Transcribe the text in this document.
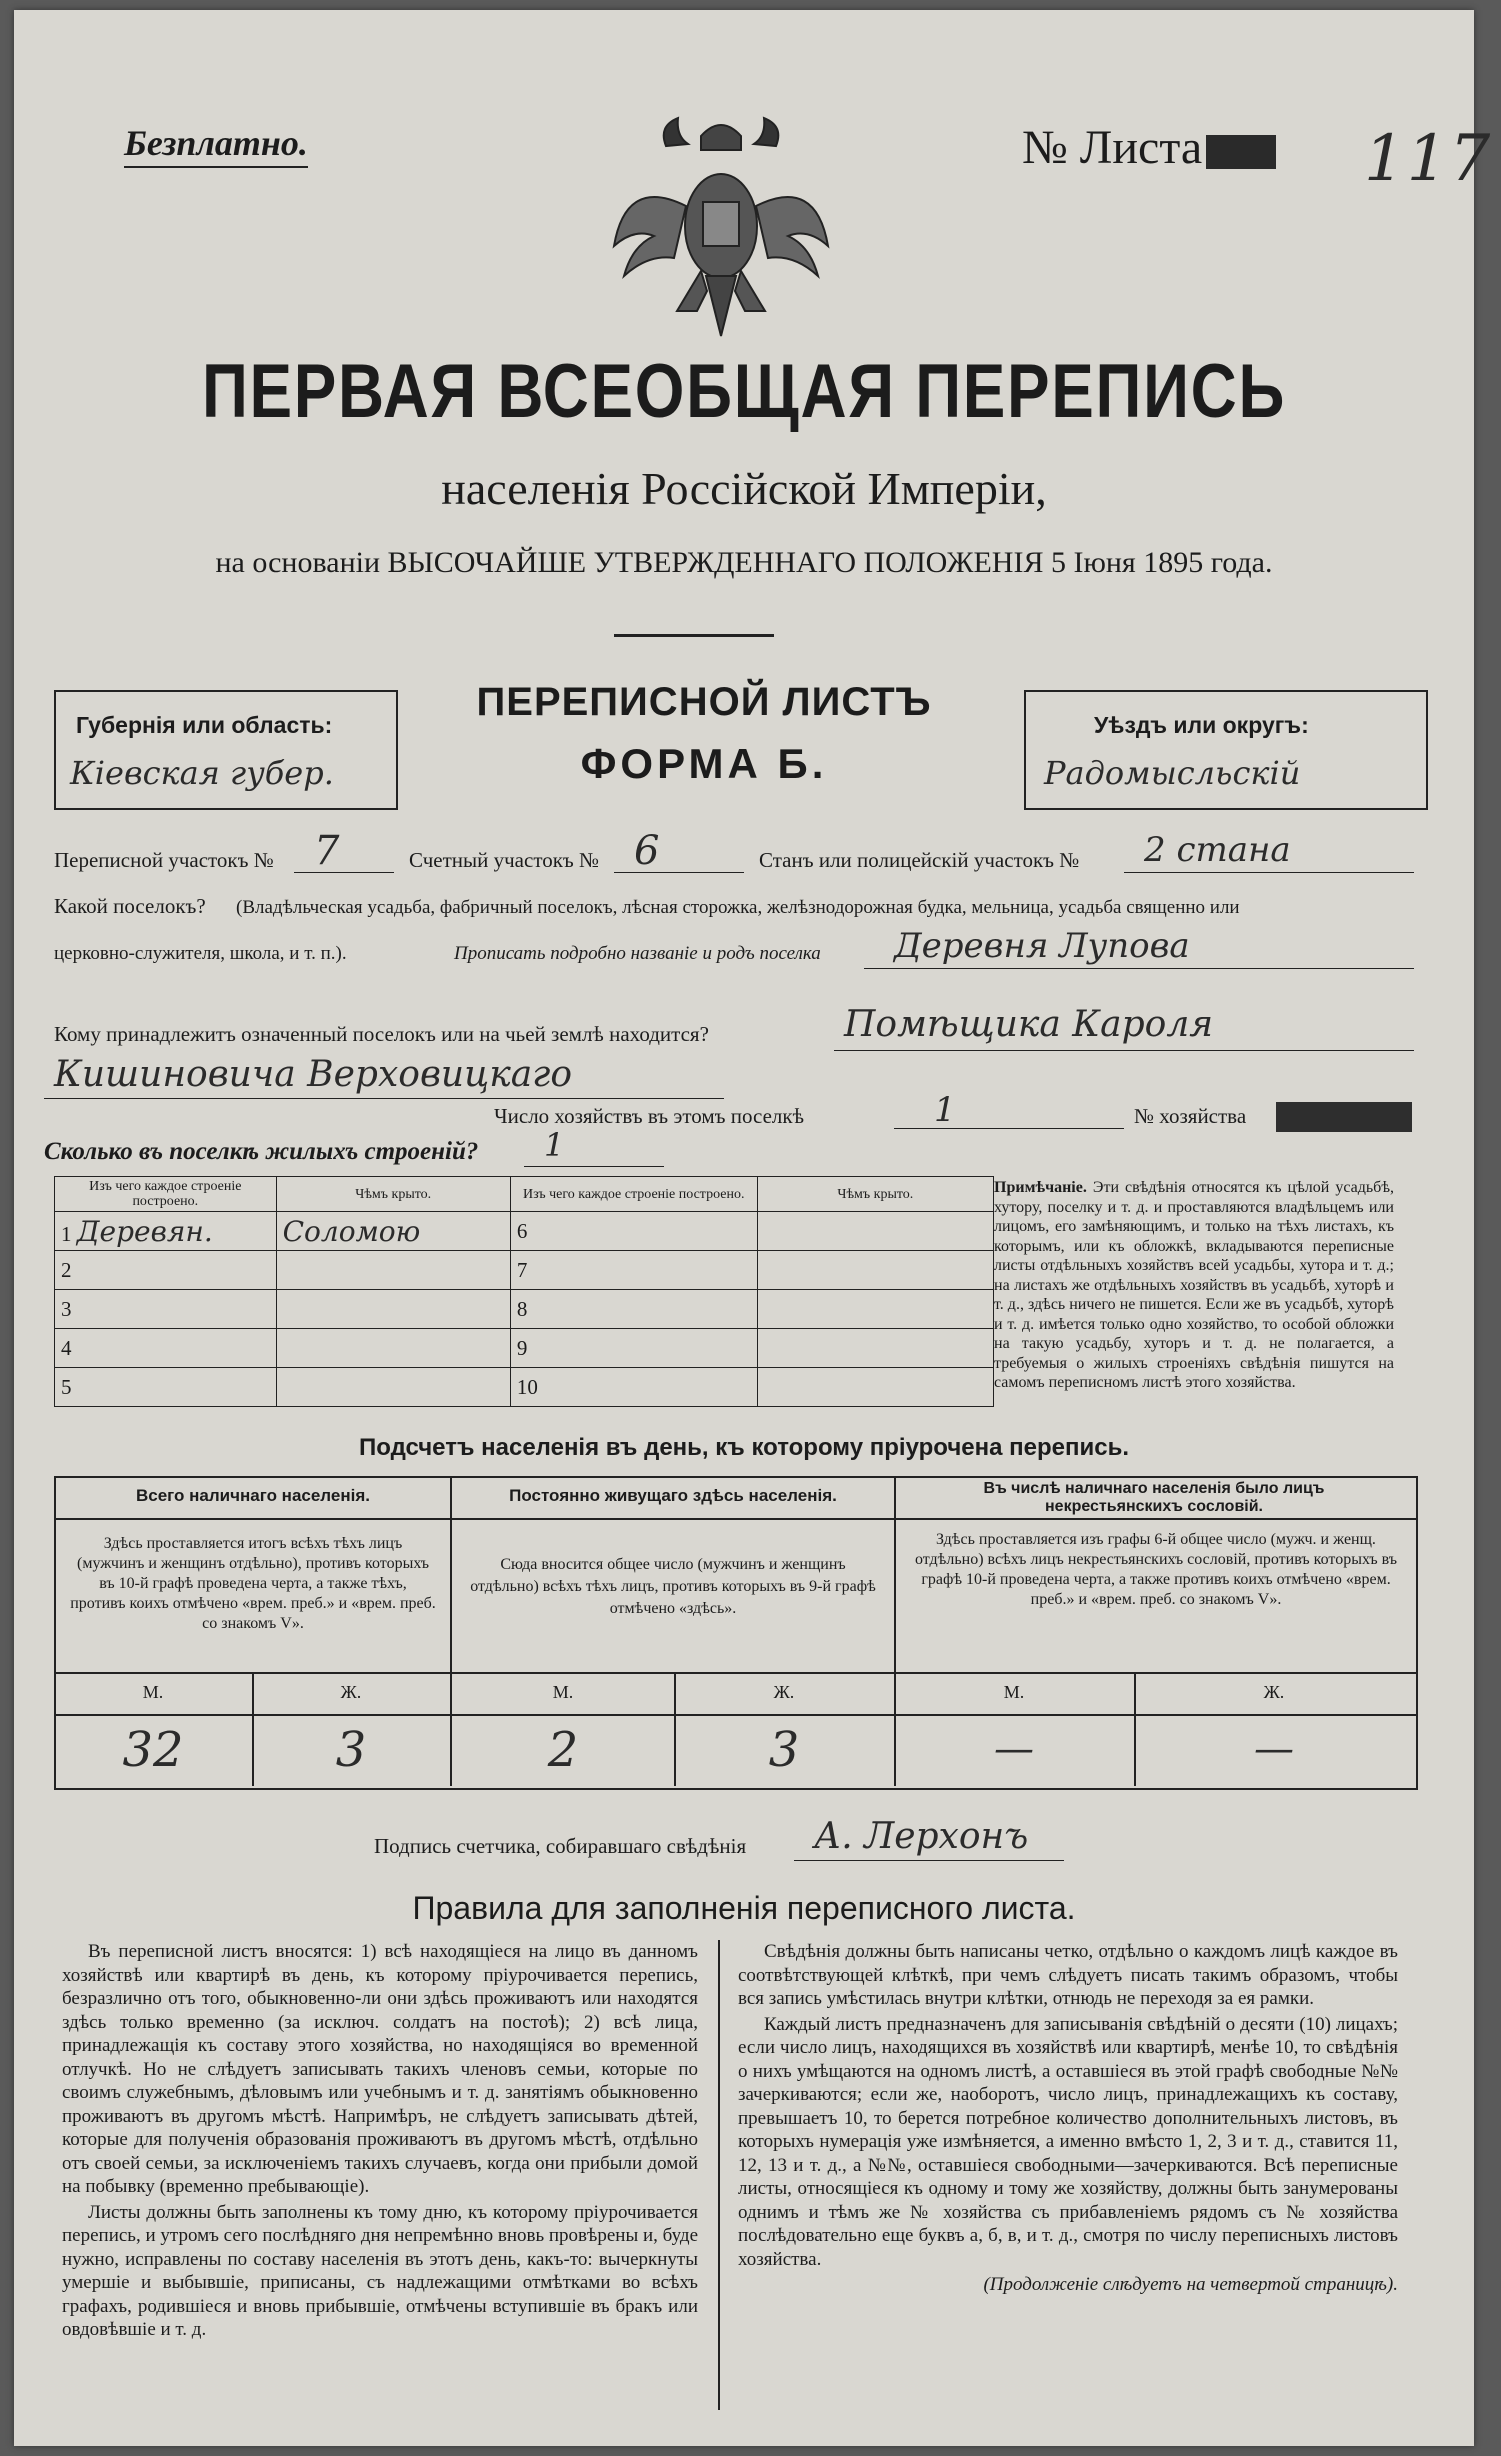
Безплатно.	№ Листа	117
ПЕРВАЯ ВСЕОБЩАЯ ПЕРЕПИСЬ
населенія Россійской Имперіи,
на основаніи ВЫСОЧАЙШЕ УТВЕРЖДЕННАГО ПОЛОЖЕНІЯ 5 Іюня 1895 года.
Губернія или область:
Кіевская губер.
ПЕРЕПИСНОЙ ЛИСТЪ
ФОРМА Б.
Уѣздъ или округъ:
Радомысльскій
Переписной участокъ № 7	Счетный участокъ № 6	Станъ или полицейскій участокъ № 2 стана
Какой поселокъ? (Владѣльческая усадьба, фабричный поселокъ, лѣсная сторожка, желѣзнодорожная будка, мельница, усадьба священно или
церковно-служителя, школа, и т. п.).	Прописать подробно названіе и родъ поселка Деревня Лупова
Кому принадлежитъ означенный поселокъ или на чьей землѣ находится?	Помѣщика Кароля
Кишиновича Верховицкаго
Число хозяйствъ въ этомъ поселкѣ	1	№ хозяйства
Сколько въ поселкѣ жилыхъ строеній? 1
Изъ чего каждое строеніе построено.	Чѣмъ крыто.	Изъ чего каждое строеніе построено.	Чѣмъ крыто.
1 Деревян.	Соломою	6	
2		7	
3		8	
4		9	
5		10	
Примѣчаніе. Эти свѣдѣнія относятся къ цѣлой усадьбѣ, хутору, поселку и т. д. и проставляются владѣльцемъ или лицомъ, его замѣняющимъ, и только на тѣхъ листахъ, къ которымъ, или къ обложкѣ, вкладываются переписные листы отдѣльныхъ хозяйствъ всей усадьбы, хутора и т. д.; на листахъ же отдѣльныхъ хозяйствъ въ усадьбѣ, хуторѣ и т. д., здѣсь ничего не пишется. Если же въ усадьбѣ, хуторѣ и т. д. имѣется только одно хозяйство, то особой обложки на такую усадьбу, хуторъ и т. д. не полагается, а требуемыя о жилыхъ строеніяхъ свѣдѣнія пишутся на самомъ переписномъ листѣ этого хозяйства.
Подсчетъ населенія въ день, къ которому пріурочена перепись.
Всего наличнаго населенія.	Постоянно живущаго здѣсь населенія.	Въ числѣ наличнаго населенія было лицъ некрестьянскихъ сословій.
Здѣсь проставляется итогъ всѣхъ тѣхъ лицъ (мужчинъ и женщинъ отдѣльно), противъ которыхъ въ 10-й графѣ проведена черта, а также тѣхъ, противъ коихъ отмѣчено «врем. преб.» и «врем. преб. со знакомъ V».
Сюда вносится общее число (мужчинъ и женщинъ отдѣльно) всѣхъ тѣхъ лицъ, противъ которыхъ въ 9-й графѣ отмѣчено «здѣсь».
Здѣсь проставляется изъ графы 6-й общее число (мужч. и женщ. отдѣльно) всѣхъ лицъ некрестьянскихъ сословій, противъ которыхъ въ графѣ 10-й проведена черта, а также противъ коихъ отмѣчено «врем. преб.» и «врем. преб. со знакомъ V».
М.	Ж.	М.	Ж.	М.	Ж.
32	3	2	3	—	—
Подпись счетчика, собиравшаго свѣдѣнія А. Лерхонъ
Правила для заполненія переписного листа.

Въ переписной листъ вносятся: 1) всѣ находящіеся на лицо въ данномъ хозяйствѣ или квартирѣ въ день, къ которому пріурочивается перепись, безразлично отъ того, обыкновенно-ли они здѣсь проживаютъ или находятся здѣсь только временно (за исключ. солдатъ на постоѣ); 2) всѣ лица, принадлежащія къ составу этого хозяйства, но находящіяся во временной отлучкѣ. Но не слѣдуетъ записывать такихъ членовъ семьи, которые по своимъ служебнымъ, дѣловымъ или учебнымъ и т. д. занятіямъ обыкновенно проживаютъ въ другомъ мѣстѣ. Напримѣръ, не слѣдуетъ записывать дѣтей, которые для полученія образованія проживаютъ въ другомъ мѣстѣ, отдѣльно отъ своей семьи, за исключеніемъ такихъ случаевъ, когда они прибыли домой на побывку (временно пребывающіе).

Листы должны быть заполнены къ тому дню, къ которому пріурочивается перепись, и утромъ сего послѣдняго дня непремѣнно вновь провѣрены и, буде нужно, исправлены по составу населенія въ этотъ день, какъ-то: вычеркнуты умершіе и выбывшіе, приписаны, съ надлежащими отмѣтками во всѣхъ графахъ, родившіеся и вновь прибывшіе, отмѣчены вступившіе въ бракъ или овдовѣвшіе и т. д.

Свѣдѣнія должны быть написаны четко, отдѣльно о каждомъ лицѣ каждое въ соотвѣтствующей клѣткѣ, при чемъ слѣдуетъ писать такимъ образомъ, чтобы вся запись умѣстилась внутри клѣтки, отнюдь не переходя за ея рамки.

Каждый листъ предназначенъ для записыванія свѣдѣній о десяти (10) лицахъ; если число лицъ, находящихся въ хозяйствѣ или квартирѣ, менѣе 10, то свѣдѣнія о нихъ умѣщаются на одномъ листѣ, а оставшіеся въ этой графѣ свободные №№ зачеркиваются; если же, наоборотъ, число лицъ, принадлежащихъ къ составу, превышаетъ 10, то берется потребное количество дополнительныхъ листовъ, въ которыхъ нумерація уже измѣняется, а именно вмѣсто 1, 2, 3 и т. д., ставится 11, 12, 13 и т. д., а №№, оставшіеся свободными—зачеркиваются. Всѣ переписные листы, относящіеся къ одному и тому же хозяйству, должны быть занумерованы однимъ и тѣмъ же № хозяйства съ прибавленіемъ рядомъ съ № хозяйства послѣдовательно еще буквъ а, б, в, и т. д., смотря по числу переписныхъ листовъ хозяйства.

(Продолженіе слѣдуетъ на четвертой страницѣ).
